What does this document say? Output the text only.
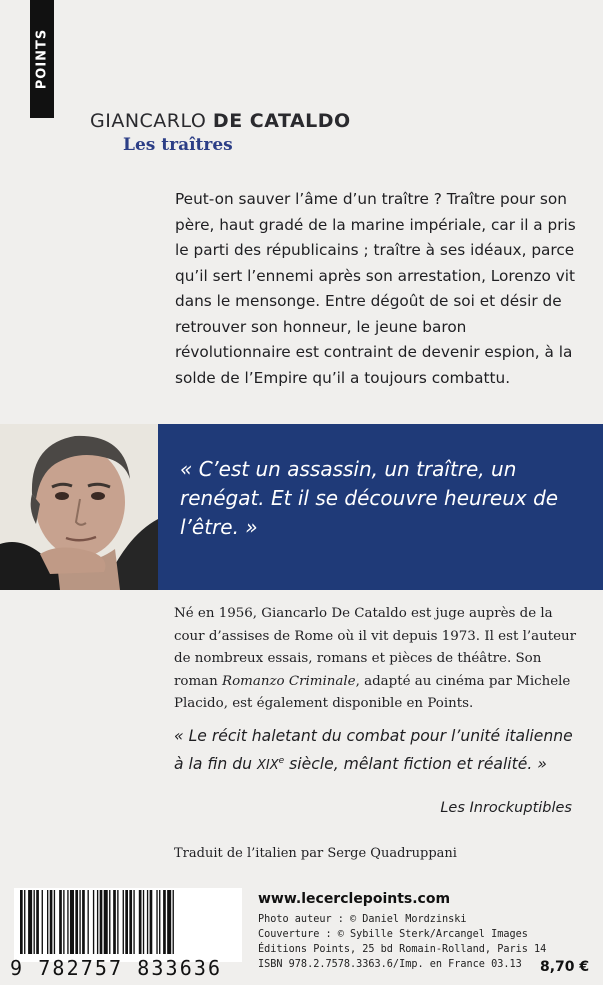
POINTS
GIANCARLO DE CATALDO
Les traîtres
Peut-on sauver l’âme d’un traître ? Traître pour son père, haut gradé de la marine impériale, car il a pris le parti des républicains ; traître à ses idéaux, parce qu’il sert l’ennemi après son arrestation, Lorenzo vit dans le mensonge. Entre dégoût de soi et désir de retrouver son honneur, le jeune baron révolutionnaire est contraint de devenir espion, à la solde de l’Empire qu’il a toujours combattu.
« C’est un assassin, un traître, un renégat. Et il se découvre heureux de l’être. »
Né en 1956, Giancarlo De Cataldo est juge auprès de la cour d’assises de Rome où il vit depuis 1973. Il est l’auteur de nombreux essais, romans et pièces de théâtre. Son roman Romanzo Criminale, adapté au cinéma par Michele Placido, est également disponible en Points.
« Le récit haletant du combat pour l’unité italienne à la fin du XIXe siècle, mêlant fiction et réalité. »
Les Inrockuptibles
Traduit de l’italien par Serge Quadruppani
www.lecerclepoints.com
Photo auteur : © Daniel Mordzinski
Couverture : © Sybille Sterk/Arcangel Images
Éditions Points, 25 bd Romain-Rolland, Paris 14
ISBN 978.2.7578.3363.6/Imp. en France 03.13
9 782757 833636	8,70 €
